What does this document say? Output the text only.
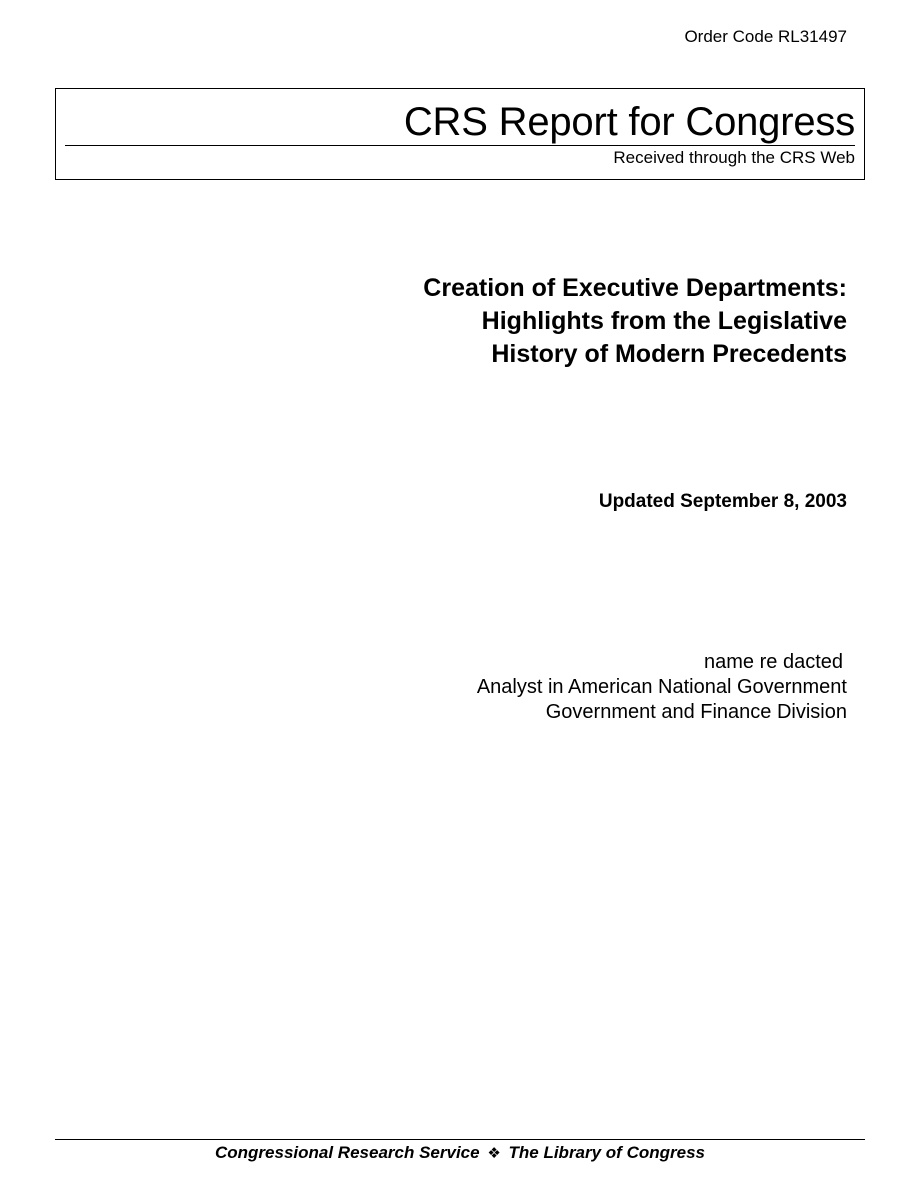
Order Code RL31497
CRS Report for Congress
Received through the CRS Web
Creation of Executive Departments:
Highlights from the Legislative
History of Modern Precedents
Updated September 8, 2003
name re dacted
Analyst in American National Government
Government and Finance Division
Congressional Research Service ❖ The Library of Congress
